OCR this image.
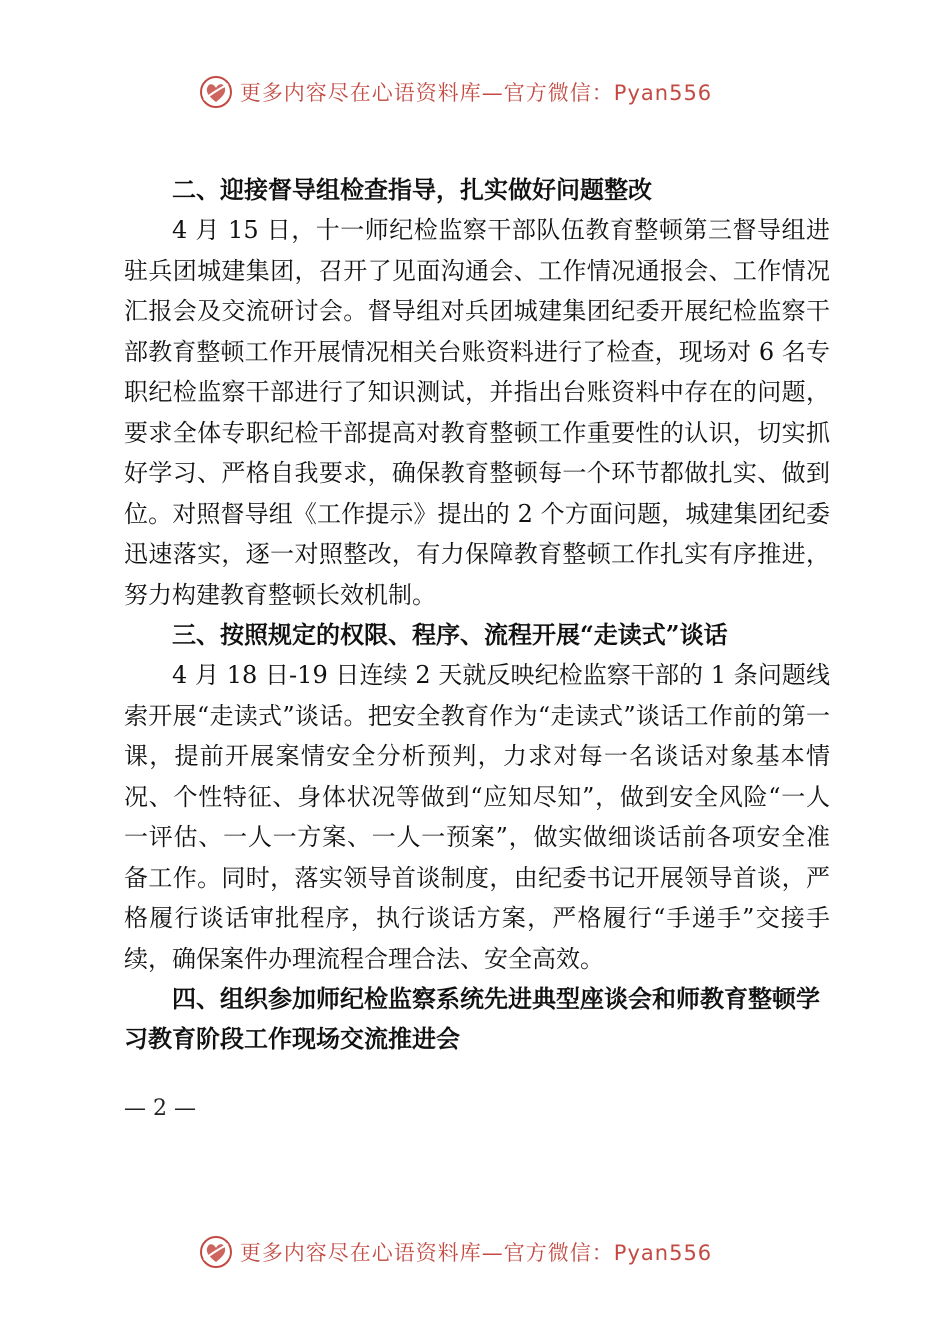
更多内容尽在心语资料库—官方微信：Pyan556

二、迎接督导组检查指导，扎实做好问题整改

4 月 15 日，十一师纪检监察干部队伍教育整顿第三督导组进驻兵团城建集团，召开了见面沟通会、工作情况通报会、工作情况汇报会及交流研讨会。督导组对兵团城建集团纪委开展纪检监察干部教育整顿工作开展情况相关台账资料进行了检查，现场对 6 名专职纪检监察干部进行了知识测试，并指出台账资料中存在的问题，要求全体专职纪检干部提高对教育整顿工作重要性的认识，切实抓好学习、严格自我要求，确保教育整顿每一个环节都做扎实、做到位。对照督导组《工作提示》提出的 2 个方面问题，城建集团纪委迅速落实，逐一对照整改，有力保障教育整顿工作扎实有序推进，努力构建教育整顿长效机制。

三、按照规定的权限、程序、流程开展“走读式”谈话

4 月 18 日-19 日连续 2 天就反映纪检监察干部的 1 条问题线索开展“走读式”谈话。把安全教育作为“走读式”谈话工作前的第一课，提前开展案情安全分析预判，力求对每一名谈话对象基本情况、个性特征、身体状况等做到“应知尽知”，做到安全风险“一人一评估、一人一方案、一人一预案”，做实做细谈话前各项安全准备工作。同时，落实领导首谈制度，由纪委书记开展领导首谈，严格履行谈话审批程序，执行谈话方案，严格履行“手递手”交接手续，确保案件办理流程合理合法、安全高效。

四、组织参加师纪检监察系统先进典型座谈会和师教育整顿学习教育阶段工作现场交流推进会

— 2 —
更多内容尽在心语资料库—官方微信：Pyan556
